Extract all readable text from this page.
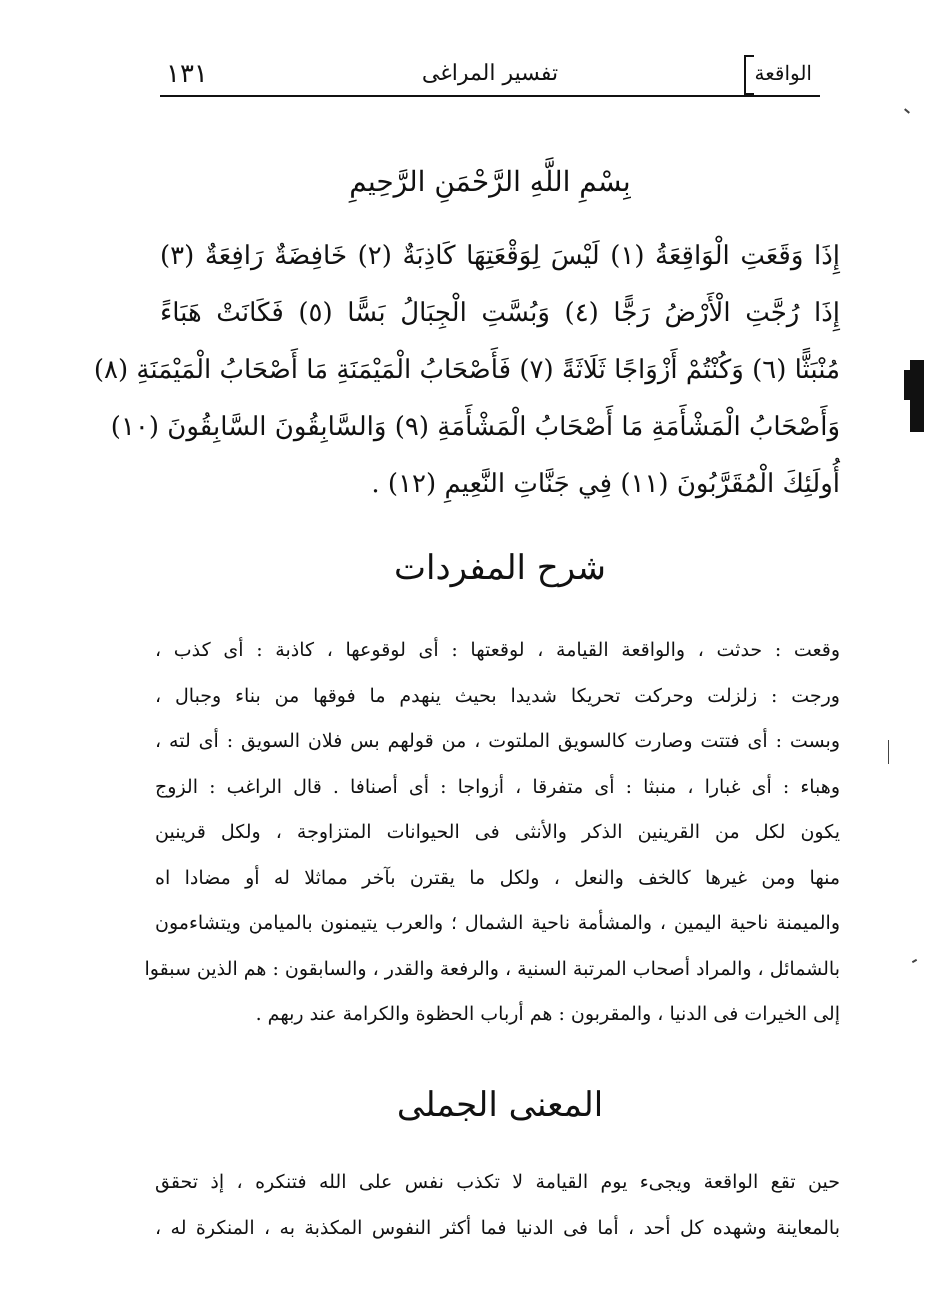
١٣١	تفسير المراغى	الواقعة
بِسْمِ اللَّهِ الرَّحْمَنِ الرَّحِيمِ
إِذَا وَقَعَتِ الْوَاقِعَةُ (١) لَيْسَ لِوَقْعَتِهَا كَاذِبَةٌ (٢) خَافِضَةٌ رَافِعَةٌ (٣)
إِذَا رُجَّتِ الْأَرْضُ رَجًّا (٤) وَبُسَّتِ الْجِبَالُ بَسًّا (٥) فَكَانَتْ هَبَاءً
مُنْبَثًّا (٦) وَكُنْتُمْ أَزْوَاجًا ثَلَاثَةً (٧) فَأَصْحَابُ الْمَيْمَنَةِ مَا أَصْحَابُ الْمَيْمَنَةِ (٨)
وَأَصْحَابُ الْمَشْأَمَةِ مَا أَصْحَابُ الْمَشْأَمَةِ (٩) وَالسَّابِقُونَ السَّابِقُونَ (١٠)
أُولَئِكَ الْمُقَرَّبُونَ (١١) فِي جَنَّاتِ النَّعِيمِ (١٢) .
شرح المفردات
وقعت : حدثت ، والواقعة القيامة ، لوقعتها : أى لوقوعها ، كاذبة : أى كذب ،
ورجت : زلزلت وحركت تحريكا شديدا بحيث ينهدم ما فوقها من بناء وجبال ،
وبست : أى فتتت وصارت كالسويق الملتوت ، من قولهم بس فلان السويق : أى لته ،
وهباء : أى غبارا ، منبثا : أى متفرقا ، أزواجا : أى أصنافا . قال الراغب : الزوج
يكون لكل من القرينين الذكر والأنثى فى الحيوانات المتزاوجة ، ولكل قرينين
منها ومن غيرها كالخف والنعل ، ولكل ما يقترن بآخر مماثلا له أو مضادا اه
والميمنة ناحية اليمين ، والمشأمة ناحية الشمال ؛ والعرب يتيمنون بالميامن ويتشاءمون
بالشمائل ، والمراد أصحاب المرتبة السنية ، والرفعة والقدر ، والسابقون : هم الذين سبقوا
إلى الخيرات فى الدنيا ، والمقربون : هم أرباب الحظوة والكرامة عند ربهم .
المعنى الجملى
حين تقع الواقعة ويجىء يوم القيامة لا تكذب نفس على الله فتنكره ، إذ تحقق
بالمعاينة وشهده كل أحد ، أما فى الدنيا فما أكثر النفوس المكذبة به ، المنكرة له ،
